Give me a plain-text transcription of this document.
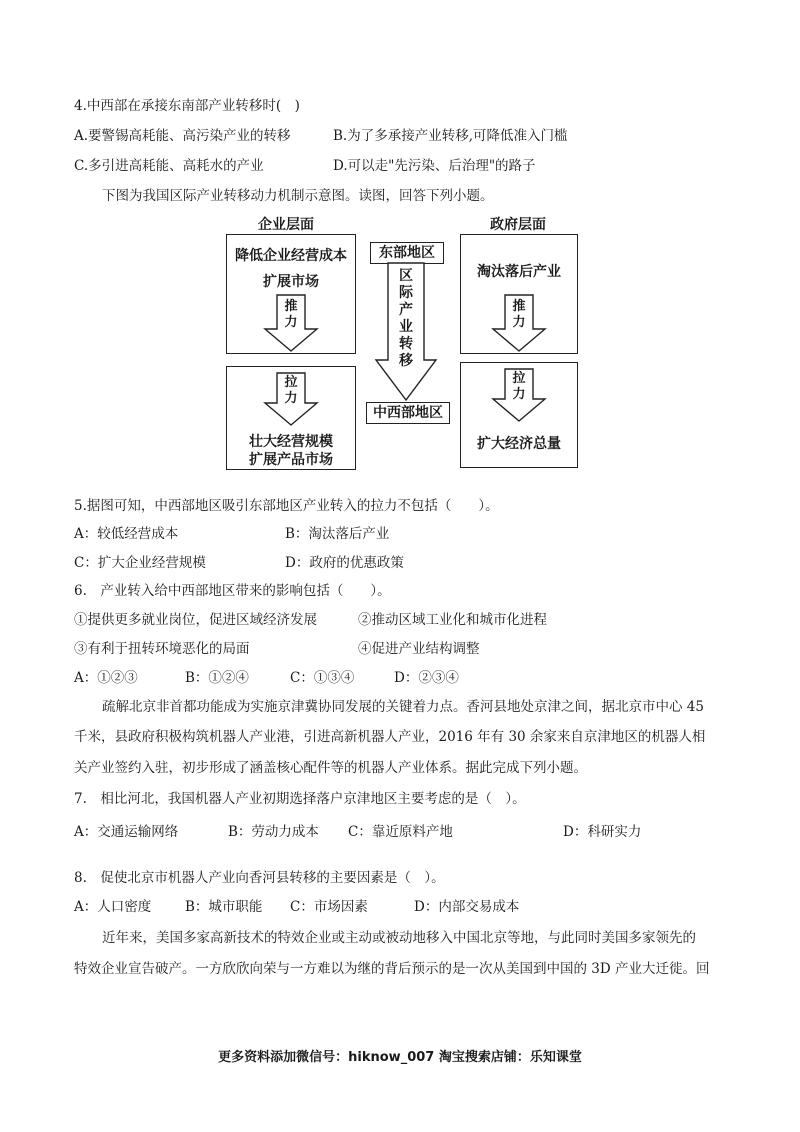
4.中西部在承接东南部产业转移时(　)
A.要警锡高耗能、高污染产业的转移	B.为了多承接产业转移,可降低准入门槛
C.多引进高耗能、高耗水的产业	D.可以走"先污染、后治理"的路子
下图为我国区际产业转移动力机制示意图。读图，回答下列小题。
企业层面	政府层面
降低企业经营成本
扩展市场
推
力
拉
力
壮大经营规模
扩展产品市场
东部地区
区
际
产
业
转
移
中西部地区
淘汰落后产业
推
力
拉
力
扩大经济总量
5.据图可知，中西部地区吸引东部地区产业转入的拉力不包括（　　）。
A：较低经营成本	B：淘汰落后产业
C：扩大企业经营规模	D：政府的优惠政策
6.　产业转入给中西部地区带来的影响包括（　　）。
①提供更多就业岗位，促进区域经济发展	②推动区域工业化和城市化进程
③有利于扭转环境恶化的局面	④促进产业结构调整
A：①②③	B：①②④	C：①③④	D：②③④
疏解北京非首都功能成为实施京津冀协同发展的关键着力点。香河县地处京津之间，据北京市中心 45
千米，县政府积极构筑机器人产业港，引进高新机器人产业，2016 年有 30 余家来自京津地区的机器人相
关产业签约入驻，初步形成了涵盖核心配件等的机器人产业体系。据此完成下列小题。
7.　相比河北，我国机器人产业初期选择落户京津地区主要考虑的是（　）。
A：交通运输网络	B：劳动力成本 C：靠近原料产地	D：科研实力
8.　促使北京市机器人产业向香河县转移的主要因素是（　）。
A：人口密度	B：城市职能 C：市场因素	D：内部交易成本
近年来，美国多家高新技术的特效企业或主动或被动地移入中国北京等地，与此同时美国多家领先的
特效企业宣告破产。一方欣欣向荣与一方难以为继的背后预示的是一次从美国到中国的 3D 产业大迁徙。回
更多资料添加微信号：hiknow_007 淘宝搜索店铺：乐知课堂
